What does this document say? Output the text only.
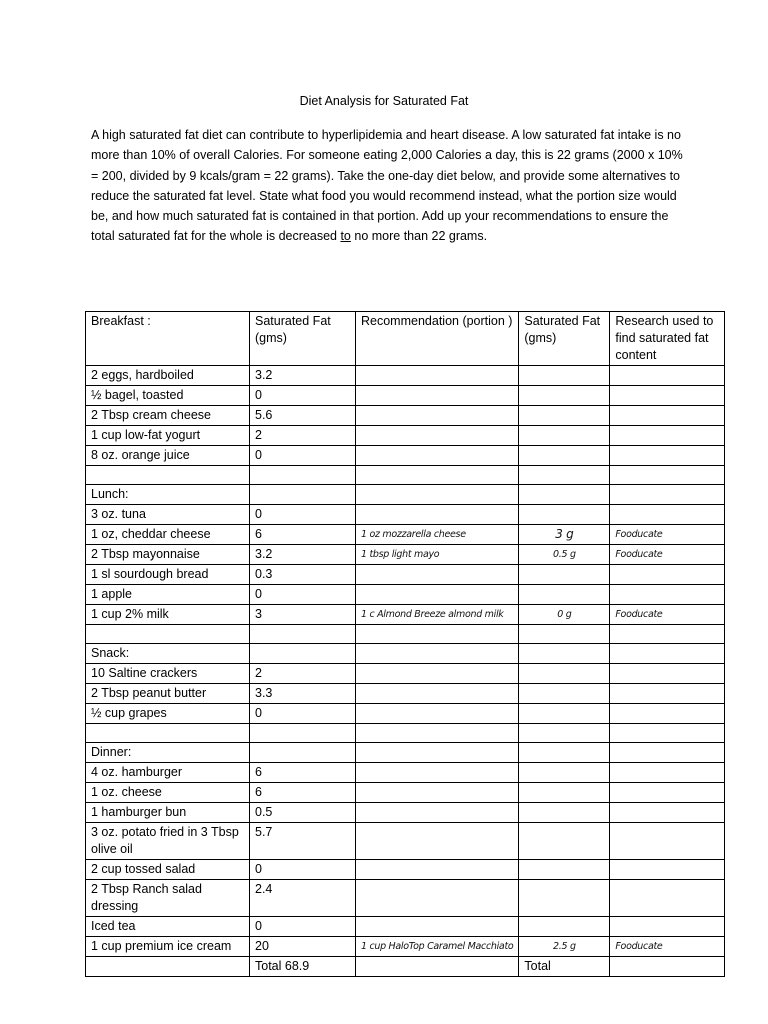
Diet Analysis for Saturated Fat
A high saturated fat diet can contribute to hyperlipidemia and heart disease. A low saturated fat intake is no more than 10% of overall Calories. For someone eating 2,000 Calories a day, this is 22 grams (2000 x 10% = 200, divided by 9 kcals/gram = 22 grams). Take the one-day diet below, and provide some alternatives to reduce the saturated fat level. State what food you would recommend instead, what the portion size would be, and how much saturated fat is contained in that portion. Add up your recommendations to ensure the total saturated fat for the whole is decreased to no more than 22 grams.
Breakfast :	Saturated Fat (gms)	Recommendation (portion )	Saturated Fat (gms)	Research used to find saturated fat content
2 eggs, hardboiled	3.2			
½ bagel, toasted	0			
2 Tbsp cream cheese	5.6			
1 cup low-fat yogurt	2			
8 oz. orange juice	0			

Lunch:				
3 oz. tuna	0			
1 oz, cheddar cheese	6	1 oz mozzarella cheese	3 g	Fooducate
2 Tbsp mayonnaise	3.2	1 tbsp light mayo	0.5 g	Fooducate
1 sl sourdough bread	0.3			
1 apple	0			
1 cup 2% milk	3	1 c Almond Breeze almond milk	0 g	Fooducate

Snack:				
10 Saltine crackers	2			
2 Tbsp peanut butter	3.3			
½ cup grapes	0			

Dinner:				
4 oz. hamburger	6			
1 oz. cheese	6			
1 hamburger bun	0.5			
3 oz. potato fried in 3 Tbsp olive oil	5.7			
2 cup tossed salad	0			
2 Tbsp Ranch salad dressing	2.4			
Iced tea	0			
1 cup premium ice cream	20	1 cup HaloTop Caramel Macchiato	2.5 g	Fooducate
	Total 68.9		Total	
